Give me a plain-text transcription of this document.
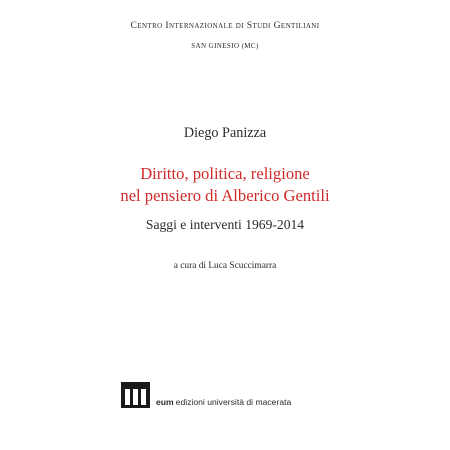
Centro Internazionale di Studi Gentiliani
SAN GINESIO (MC)
Diego Panizza
Diritto, politica, religione
nel pensiero di Alberico Gentili
Saggi e interventi 1969-2014
a cura di Luca Scuccimarra
eum edizioni università di macerata
